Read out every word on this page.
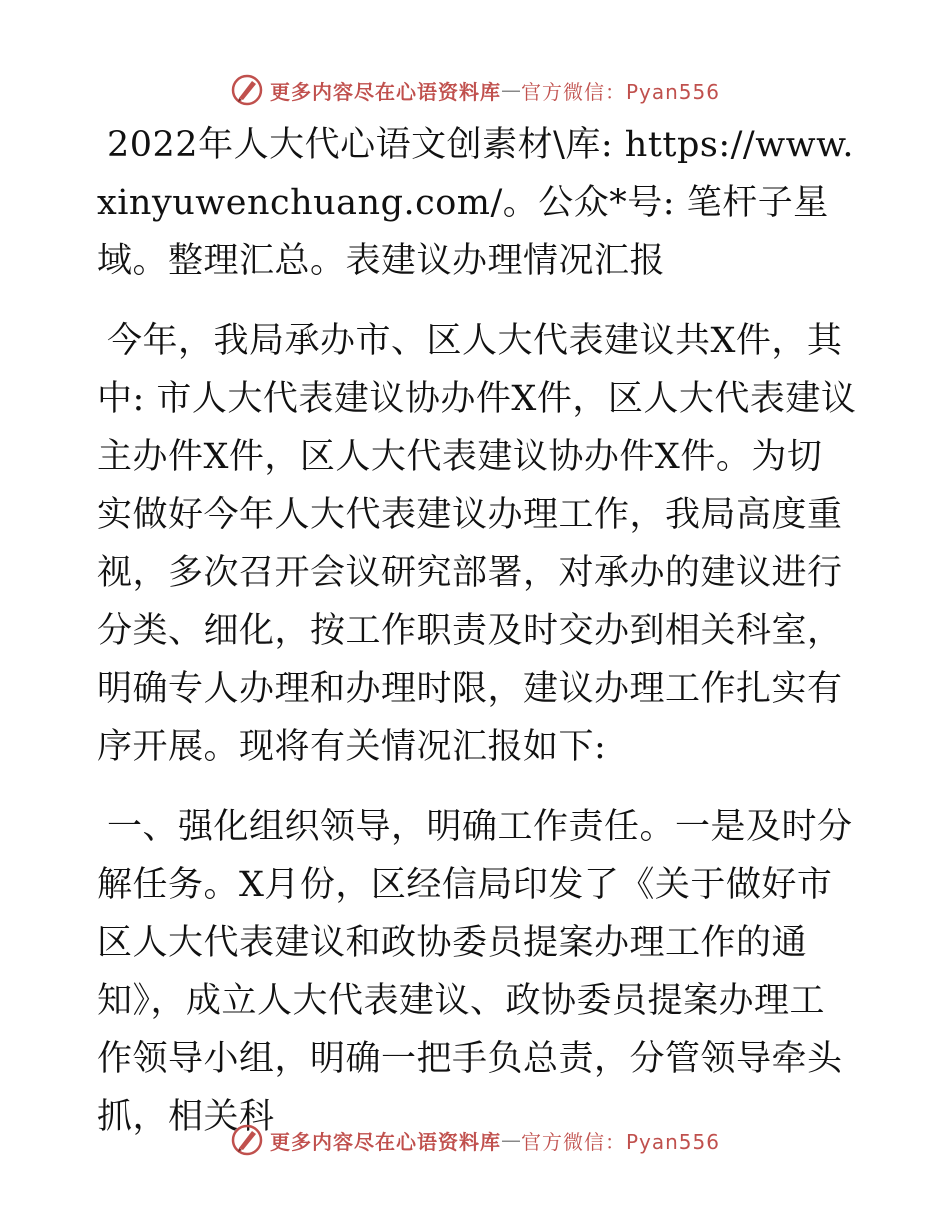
更多内容尽在心语资料库 — 官方微信：Pyan556

2022年人大代心语文创素材\库: https://www.xinyuwenchuang.com/。公众*号: 笔杆子星域。整理汇总。表建议办理情况汇报

今年，我局承办市、区人大代表建议共X件，其中: 市人大代表建议协办件X件，区人大代表建议主办件X件，区人大代表建议协办件X件。为切实做好今年人大代表建议办理工作，我局高度重视，多次召开会议研究部署，对承办的建议进行分类、细化，按工作职责及时交办到相关科室，明确专人办理和办理时限，建议办理工作扎实有序开展。现将有关情况汇报如下:

一、强化组织领导，明确工作责任。一是及时分解任务。X月份，区经信局印发了《关于做好市区人大代表建议和政协委员提案办理工作的通知》，成立人大代表建议、政协委员提案办理工作领导小组，明确一把手负总责，分管领导牵头抓，相关科

更多内容尽在心语资料库 — 官方微信：Pyan556
